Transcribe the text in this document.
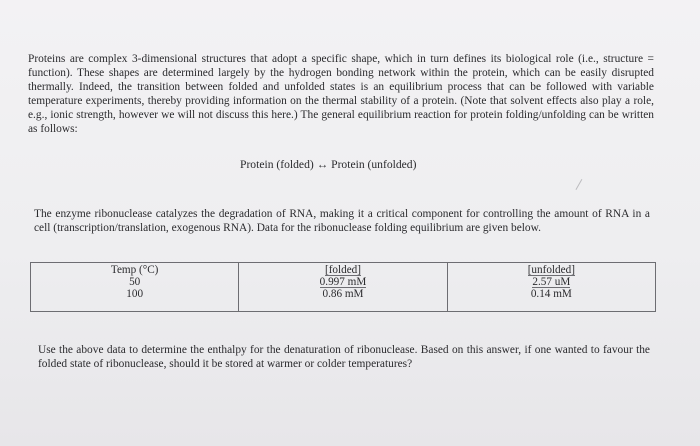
Proteins are complex 3-dimensional structures that adopt a specific shape, which in turn defines its biological role (i.e., structure = function). These shapes are determined largely by the hydrogen bonding network within the protein, which can be easily disrupted thermally. Indeed, the transition between folded and unfolded states is an equilibrium process that can be followed with variable temperature experiments, thereby providing information on the thermal stability of a protein. (Note that solvent effects also play a role, e.g., ionic strength, however we will not discuss this here.) The general equilibrium reaction for protein folding/unfolding can be written as follows:

Protein (folded) ↔ Protein (unfolded)

The enzyme ribonuclease catalyzes the degradation of RNA, making it a critical component for controlling the amount of RNA in a cell (transcription/translation, exogenous RNA). Data for the ribonuclease folding equilibrium are given below.

Temp (°C)	[folded]	[unfolded]
50	0.997 mM	2.57 uM
100	0.86 mM	0.14 mM

Use the above data to determine the enthalpy for the denaturation of ribonuclease. Based on this answer, if one wanted to favour the folded state of ribonuclease, should it be stored at warmer or colder temperatures?
